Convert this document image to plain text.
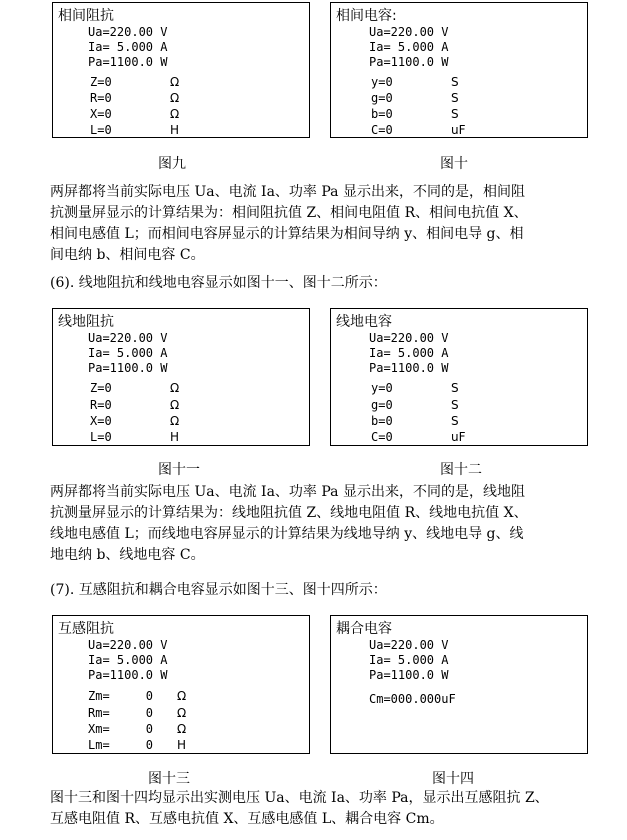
相间阻抗
Ua=220.00 V
Ia= 5.000 A
Pa=1100.0 W
Z=0	Ω
R=0	Ω
X=0	Ω
L=0	H
相间电容:
Ua=220.00 V
Ia= 5.000 A
Pa=1100.0 W
y=0	S
g=0	S
b=0	S
C=0	uF
图九	图十
两屏都将当前实际电压 Ua、电流 Ia、功率 Pa 显示出来，不同的是，相间阻
抗测量屏显示的计算结果为：相间阻抗值 Z、相间电阻值 R、相间电抗值 X、
相间电感值 L；而相间电容屏显示的计算结果为相间导纳 y、相间电导 g、相
间电纳 b、相间电容 C。
(6). 线地阻抗和线地电容显示如图十一、图十二所示：
线地阻抗
Ua=220.00 V
Ia= 5.000 A
Pa=1100.0 W
Z=0	Ω
R=0	Ω
X=0	Ω
L=0	H
线地电容
Ua=220.00 V
Ia= 5.000 A
Pa=1100.0 W
y=0	S
g=0	S
b=0	S
C=0	uF
图十一	图十二
两屏都将当前实际电压 Ua、电流 Ia、功率 Pa 显示出来，不同的是，线地阻
抗测量屏显示的计算结果为：线地阻抗值 Z、线地电阻值 R、线地电抗值 X、
线地电感值 L；而线地电容屏显示的计算结果为线地导纳 y、线地电导 g、线
地电纳 b、线地电容 C。
(7). 互感阻抗和耦合电容显示如图十三、图十四所示：
互感阻抗
Ua=220.00 V
Ia= 5.000 A
Pa=1100.0 W
Zm=     0 Ω
Rm=     0 Ω
Xm=     0 Ω
Lm=     0 H
耦合电容
Ua=220.00 V
Ia= 5.000 A
Pa=1100.0 W
Cm=000.000uF
图十三	图十四
图十三和图十四均显示出实测电压 Ua、电流 Ia、功率 Pa，显示出互感阻抗 Z、
互感电阻值 R、互感电抗值 X、互感电感值 L、耦合电容 Cm。
